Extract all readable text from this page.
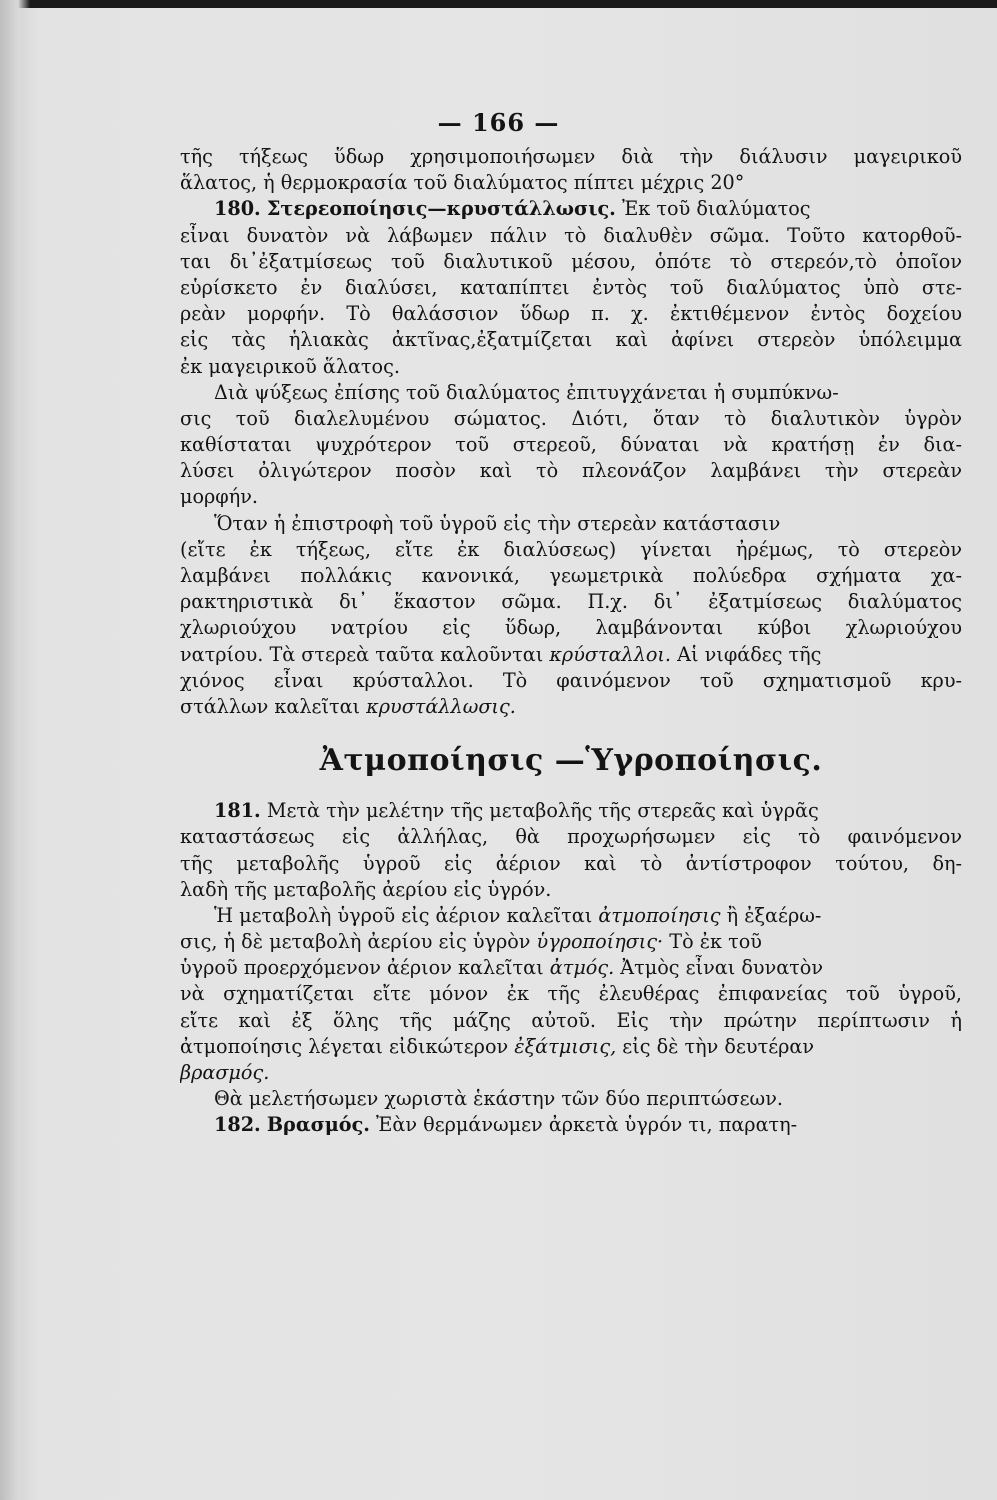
— 166 —
τῆς τήξεως ὕδωρ χρησιμοποιήσωμεν διὰ τὴν διάλυσιν μαγειρικοῦ
ἅλατος, ἡ θερμοκρασία τοῦ διαλύματος πίπτει μέχρις 20°
180. Στερεοποίησις—κρυστάλλωσις. Ἐκ τοῦ διαλύματος
εἶναι δυνατὸν νὰ λάβωμεν πάλιν τὸ διαλυθὲν σῶμα. Τοῦτο κατορθοῦ-
ται δι᾽ἐξατμίσεως τοῦ διαλυτικοῦ μέσου, ὁπότε τὸ στερεόν,τὸ ὁποῖον
εὑρίσκετο ἐν διαλύσει, καταπίπτει ἐντὸς τοῦ διαλύματος ὑπὸ στε-
ρεὰν μορφήν. Τὸ θαλάσσιον ὕδωρ π. χ. ἐκτιθέμενον ἐντὸς δοχείου
εἰς τὰς ἡλιακὰς ἀκτῖνας,ἐξατμίζεται καὶ ἀφίνει στερεὸν ὑπόλειμμα
ἐκ μαγειρικοῦ ἅλατος.
Διὰ ψύξεως ἐπίσης τοῦ διαλύματος ἐπιτυγχάνεται ἡ συμπύκνω-
σις τοῦ διαλελυμένου σώματος. Διότι, ὅταν τὸ διαλυτικὸν ὑγρὸν
καθίσταται ψυχρότερον τοῦ στερεοῦ, δύναται νὰ κρατήσῃ ἐν δια-
λύσει ὀλιγώτερον ποσὸν καὶ τὸ πλεονάζον λαμβάνει τὴν στερεὰν
μορφήν.
Ὅταν ἡ ἐπιστροφὴ τοῦ ὑγροῦ εἰς τὴν στερεὰν κατάστασιν
(εἴτε ἐκ τήξεως, εἴτε ἐκ διαλύσεως) γίνεται ἠρέμως, τὸ στερεὸν
λαμβάνει πολλάκις κανονικά, γεωμετρικὰ πολύεδρα σχήματα χα-
ρακτηριστικὰ δι᾽ ἕκαστον σῶμα. Π.χ. δι᾽ ἐξατμίσεως διαλύματος
χλωριούχου νατρίου εἰς ὕδωρ, λαμβάνονται κύβοι χλωριούχου
νατρίου. Τὰ στερεὰ ταῦτα καλοῦνται κρύσταλλοι. Αἱ νιφάδες τῆς
χιόνος εἶναι κρύσταλλοι. Τὸ φαινόμενον τοῦ σχηματισμοῦ κρυ-
στάλλων καλεῖται κρυστάλλωσις.
Ἀτμοποίησις —Ὑγροποίησις.
181. Μετὰ τὴν μελέτην τῆς μεταβολῆς τῆς στερεᾶς καὶ ὑγρᾶς
καταστάσεως εἰς ἀλλήλας, θὰ προχωρήσωμεν εἰς τὸ φαινόμενον
τῆς μεταβολῆς ὑγροῦ εἰς ἀέριον καὶ τὸ ἀντίστροφον τούτου, δη-
λαδὴ τῆς μεταβολῆς ἀερίου εἰς ὑγρόν.
Ἡ μεταβολὴ ὑγροῦ εἰς ἀέριον καλεῖται ἀτμοποίησις ἢ ἐξαέρω-
σις, ἡ δὲ μεταβολὴ ἀερίου εἰς ὑγρὸν ὑγροποίησις· Τὸ ἐκ τοῦ
ὑγροῦ προερχόμενον ἀέριον καλεῖται ἀτμός. Ἀτμὸς εἶναι δυνατὸν
νὰ σχηματίζεται εἴτε μόνον ἐκ τῆς ἐλευθέρας ἐπιφανείας τοῦ ὑγροῦ,
εἴτε καὶ ἐξ ὅλης τῆς μάζης αὐτοῦ. Εἰς τὴν πρώτην περίπτωσιν ἡ
ἀτμοποίησις λέγεται εἰδικώτερον ἐξάτμισις, εἰς δὲ τὴν δευτέραν
βρασμός.
Θὰ μελετήσωμεν χωριστὰ ἑκάστην τῶν δύο περιπτώσεων.
182. Βρασμός. Ἐὰν θερμάνωμεν ἀρκετὰ ὑγρόν τι, παρατη-
